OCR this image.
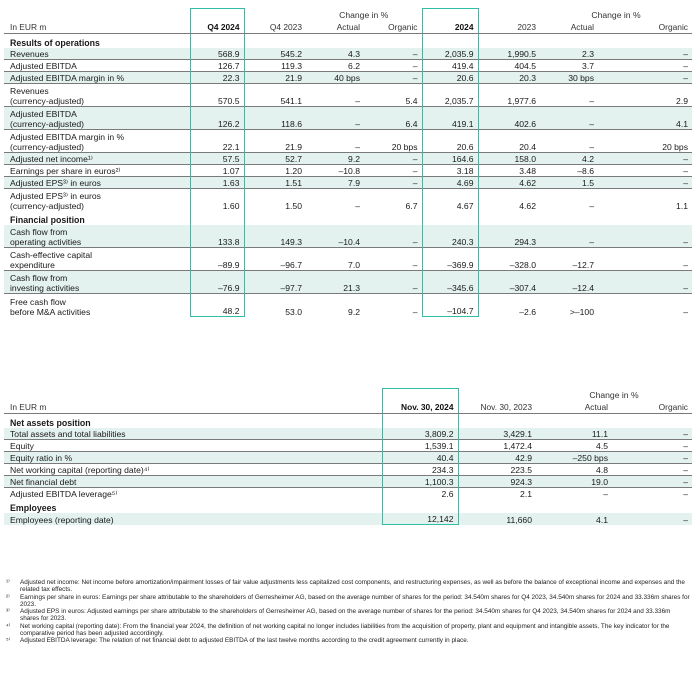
			Change in %				Change in %	
In EUR m	Q4 2024	Q4 2023	Actual	Organic	2024	2023	Actual	Organic
Results of operations								

Revenues	568.9	545.2	4.3	–	2,035.9	1,990.5	2.3	–

Adjusted EBITDA	126.7	119.3	6.2	–	419.4	404.5	3.7	–

Adjusted EBITDA margin in %	22.3	21.9	40 bps	–	20.6	20.3	30 bps	–

Revenues
(currency-adjusted)	570.5	541.1	–	5.4	2,035.7	1,977.6	–	2.9

Adjusted EBITDA
(currency-adjusted)	126.2	118.6	–	6.4	419.1	402.6	–	4.1

Adjusted EBITDA margin in %
(currency-adjusted)	22.1	21.9	–	20 bps	20.6	20.4	–	20 bps

Adjusted net income¹⁾	57.5	52.7	9.2	–	164.6	158.0	4.2	–

Earnings per share in euros²⁾	1.07	1.20	–10.8	–	3.18	3.48	–8.6	–

Adjusted EPS³⁾ in euros	1.63	1.51	7.9	–	4.69	4.62	1.5	–

Adjusted EPS³⁾ in euros
(currency-adjusted)	1.60	1.50	–	6.7	4.67	4.62	–	1.1
Financial position								

Cash flow from
operating activities	133.8	149.3	–10.4	–	240.3	294.3	–	–

Cash-effective capital
expenditure	–89.9	–96.7	7.0	–	–369.9	–328.0	–12.7	–

Cash flow from
investing activities	–76.9	–97.7	21.3	–	–345.6	–307.4	–12.4	–

Free cash flow
before M&A activities	48.2	53.0	9.2	–	–104.7	–2.6	>–100	–
			Change in %	
In EUR m	Nov. 30, 2024	Nov. 30, 2023	Actual	Organic
Net assets position				
Total assets and total liabilities	3,809.2	3,429.1	11.1	–
Equity	1,539.1	1,472.4	4.5	–
Equity ratio in %	40.4	42.9	–250 bps	–
Net working capital (reporting date)⁴⁾	234.3	223.5	4.8	–
Net financial debt	1,100.3	924.3	19.0	–
Adjusted EBITDA leverage⁵⁾	2.6	2.1	–	–
Employees				
Employees (reporting date)	12,142	11,660	4.1	–
¹⁾	Adjusted net income: Net income before amortization/impairment losses of fair value adjustments less capitalized cost components, and restructuring expenses, as well as before the balance of exceptional income and expenses and the related tax effects.
²⁾	Earnings per share in euros: Earnings per share attributable to the shareholders of Gerresheimer AG, based on the average number of shares for the period: 34.540m shares for Q4 2023, 34.540m shares for 2024 and 33.336m shares for 2023.
³⁾	Adjusted EPS in euros: Adjusted earnings per share attributable to the shareholders of Gerresheimer AG, based on the average number of shares for the period: 34.540m shares for Q4 2023, 34.540m shares for 2024 and 33.336m shares for 2023.
⁴⁾	Net working capital (reporting date): From the financial year 2024, the definition of net working capital no longer includes liabilities from the acquisition of property, plant and equipment and intangible assets. The key indicator for the comparative period has been adjusted accordingly.
⁵⁾	Adjusted EBITDA leverage: The relation of net financial debt to adjusted EBITDA of the last twelve months according to the credit agreement currently in place.
